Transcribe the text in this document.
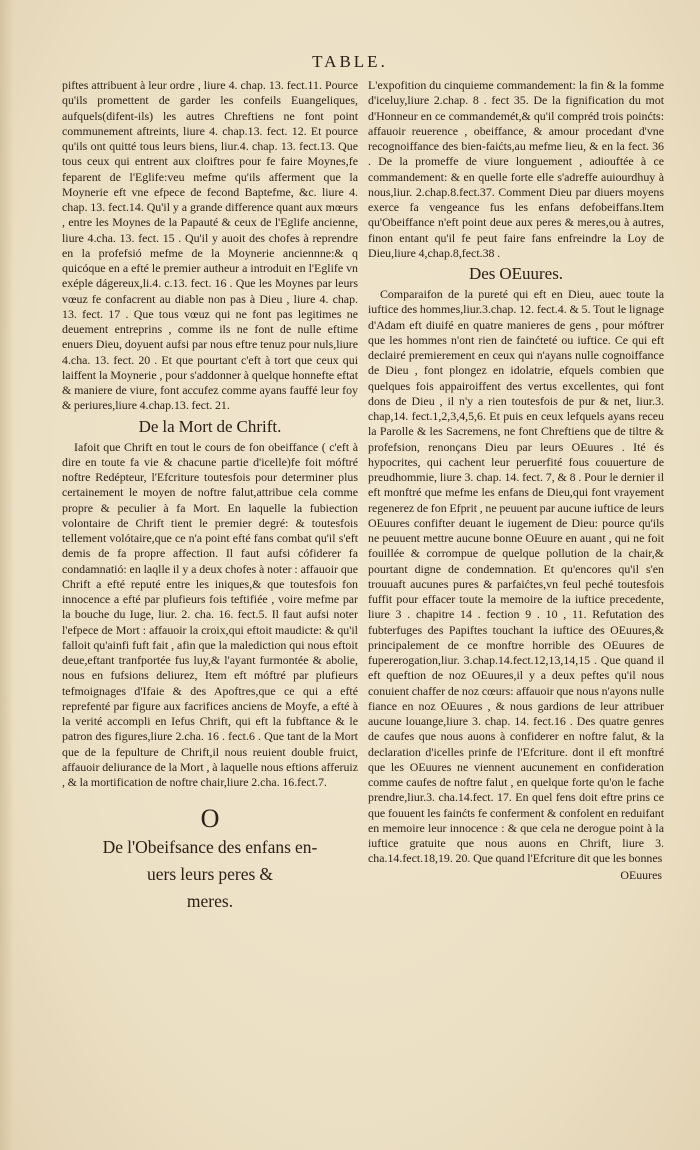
TABLE.

piftes attribuent à leur ordre , liure 4. chap. 13. fect.11. Pource qu'ils promettent de garder les confeils Euangeliques, aufquels(difent-ils) les autres Chreftiens ne font point communement aftreints, liure 4. chap.13. fect. 12. Et pource qu'ils ont quitté tous leurs biens, liur.4. chap. 13. fect.13. Que tous ceux qui entrent aux cloiftres pour fe faire Moynes,fe feparent de l'Eglife:veu mefme qu'ils afferment que la Moynerie eft vne efpece de fecond Baptefme, &c. liure 4. chap. 13. fect.14. Qu'il y a grande difference quant aux mœurs , entre les Moynes de la Papauté & ceux de l'Eglife ancienne, liure 4.cha. 13. fect. 15 . Qu'il y auoit des chofes à reprendre en la profefsió mefme de la Moynerie anciennne:& q quicóque en a efté le premier autheur a introduit en l'Eglife vn exéple dágereux,li.4. c.13. fect. 16 . Que les Moynes par leurs vœuz fe confacrent au diable non pas à Dieu , liure 4. chap. 13. fect. 17 . Que tous vœuz qui ne font pas legitimes ne deuement entreprins , comme ils ne font de nulle eftime enuers Dieu, doyuent aufsi par nous eftre tenuz pour nuls,liure 4.cha. 13. fect. 20 . Et que pourtant c'eft à tort que ceux qui laiffent la Moynerie , pour s'addonner à quelque honnefte eftat & maniere de viure, font accufez comme ayans fauffé leur foy & periures,liure 4.chap.13. fect. 21.

De la Mort de Chrift.

Iafoit que Chrift en tout le cours de fon obeiffance ( c'eft à dire en toute fa vie & chacune partie d'icelle)fe foit móftré noftre Redépteur, l'Efcriture toutesfois pour determiner plus certainement le moyen de noftre falut,attribue cela comme propre & peculier à fa Mort. En laquelle la fubiection volontaire de Chrift tient le premier degré: & toutesfois tellement volótaire,que ce n'a point efté fans combat qu'il s'eft demis de fa propre affection. Il faut aufsi cófiderer fa condamnatió: en laqlle il y a deux chofes à noter : affauoir que Chrift a efté reputé entre les iniques,& que toutesfois fon innocence a efté par plufieurs fois teftifiée , voire mefme par la bouche du Iuge, liur. 2. cha. 16. fect.5. Il faut aufsi noter l'efpece de Mort : affauoir la croix,qui eftoit maudicte: & qu'il falloit qu'ainfi fuft fait , afin que la malediction qui nous eftoit deue,eftant tranfportée fus luy,& l'ayant furmontée & abolie, nous en fufsions deliurez, Item eft móftré par plufieurs tefmoignages d'Ifaie & des Apoftres,que ce qui a efté reprefenté par figure aux facrifices anciens de Moyfe, a efté à la verité accompli en Iefus Chrift, qui eft la fubftance & le patron des figures,liure 2.cha. 16 . fect.6 . Que tant de la Mort que de la fepulture de Chrift,il nous reuient double fruict, affauoir deliurance de la Mort , à laquelle nous eftions afferuiz , & la mortification de noftre chair,liure 2.cha. 16.fect.7.

O
De l'Obeifsance des enfans en-
uers leurs peres &
meres.

L'expofition du cinquieme commandement: la fin & la fomme d'iceluy,liure 2.chap. 8 . fect 35. De la fignification du mot d'Honneur en ce commandemét,& qu'il compréd trois poinćts: affauoir reuerence , obeiffance, & amour procedant d'vne recognoiffance des bien-faićts,au mefme lieu, & en la fect. 36 . De la promeffe de viure longuement , adiouftée à ce commandement: & en quelle forte elle s'adreffe auiourdhuy à nous,liur. 2.chap.8.fect.37. Comment Dieu par diuers moyens exerce fa vengeance fus les enfans defobeiffans.Item qu'Obeiffance n'eft point deue aux peres & meres,ou à autres, finon entant qu'il fe peut faire fans enfreindre la Loy de Dieu,liure 4,chap.8,fect.38 .

Des OEuures.

Comparaifon de la pureté qui eft en Dieu, auec toute la iuftice des hommes,liur.3.chap. 12. fect.4. & 5. Tout le lignage d'Adam eft diuifé en quatre manieres de gens , pour móftrer que les hommes n'ont rien de fainćteté ou iuftice. Ce qui eft declairé premierement en ceux qui n'ayans nulle cognoiffance de Dieu , font plongez en idolatrie, efquels combien que quelques fois appairoiffent des vertus excellentes, qui font dons de Dieu , il n'y a rien toutesfois de pur & net, liur.3. chap,14. fect.1,2,3,4,5,6. Et puis en ceux lefquels ayans receu la Parolle & les Sacremens, ne font Chreftiens que de tiltre & profefsion, renonçans Dieu par leurs OEuures . Ité és hypocrites, qui cachent leur peruerfité fous couuerture de preudhommie, liure 3. chap. 14. fect. 7, & 8 . Pour le dernier il eft monftré que mefme les enfans de Dieu,qui font vrayement regenerez de fon Efprit , ne peuuent par aucune iuftice de leurs OEuures confifter deuant le iugement de Dieu: pource qu'ils ne peuuent mettre aucune bonne OEuure en auant , qui ne foit fouillée & corrompue de quelque pollution de la chair,& pourtant digne de condemnation. Et qu'encores qu'il s'en trouuaft aucunes pures & parfaićtes,vn feul peché toutesfois fuffit pour effacer toute la memoire de la iuftice precedente, liure 3 . chapitre 14 . fection 9 . 10 , 11. Refutation des fubterfuges des Papiftes touchant la iuftice des OEuures,& principalement de ce monftre horrible des OEuures de fupererogation,liur. 3.chap.14.fect.12,13,14,15 . Que quand il eft queftion de noz OEuures,il y a deux peftes qu'il nous conuient chaffer de noz cœurs: affauoir que nous n'ayons nulle fiance en noz OEuures , & nous gardions de leur attribuer aucune louange,liure 3. chap. 14. fect.16 . Des quatre genres de caufes que nous auons à confiderer en noftre falut, & la declaration d'icelles prinfe de l'Efcriture. dont il eft monftré que les OEuures ne viennent aucunement en confideration comme caufes de noftre falut , en quelque forte qu'on le fache prendre,liur.3. cha.14.fect. 17. En quel fens doit eftre prins ce que fouuent les fainćts fe conferment & confolent en reduifant en memoire leur innocence : & que cela ne derogue point à la iuftice gratuite que nous auons en Chrift, liure 3. cha.14.fect.18,19. 20. Que quand l'Efcriture dit que les bonnes

OEuures
